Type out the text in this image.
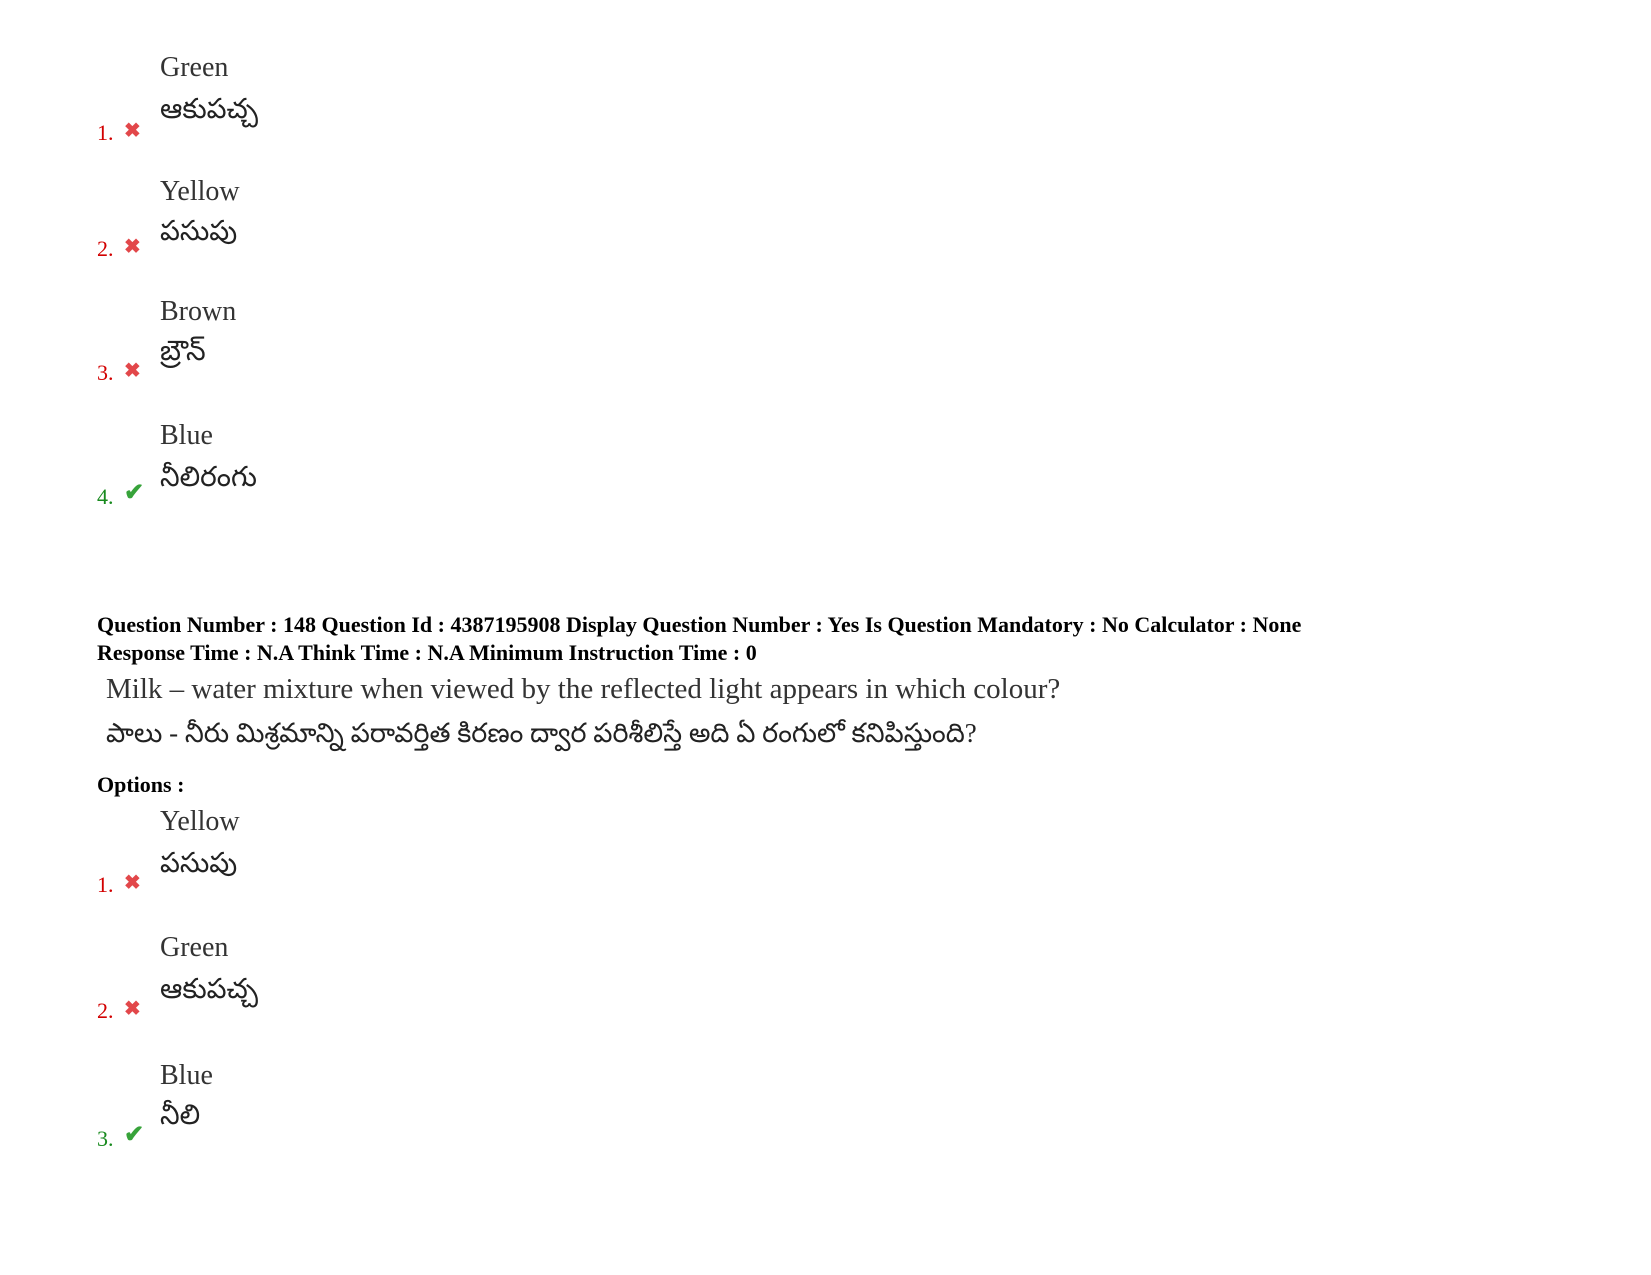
Green
ఆకుపచ్చ
1. ✖
Yellow
పసుపు
2. ✖
Brown
బ్రౌన్
3. ✖
Blue
నీలిరంగు
4. ✔
Question Number : 148 Question Id : 4387195908 Display Question Number : Yes Is Question Mandatory : No Calculator : None
Response Time : N.A Think Time : N.A Minimum Instruction Time : 0
Milk – water mixture when viewed by the reflected light appears in which colour?
పాలు - నీరు మిశ్రమాన్ని పరావర్తిత కిరణం ద్వార పరిశీలిస్తే అది ఏ రంగులో కనిపిస్తుంది?
Options :
Yellow
పసుపు
1. ✖
Green
ఆకుపచ్చ
2. ✖
Blue
నీలి
3. ✔
